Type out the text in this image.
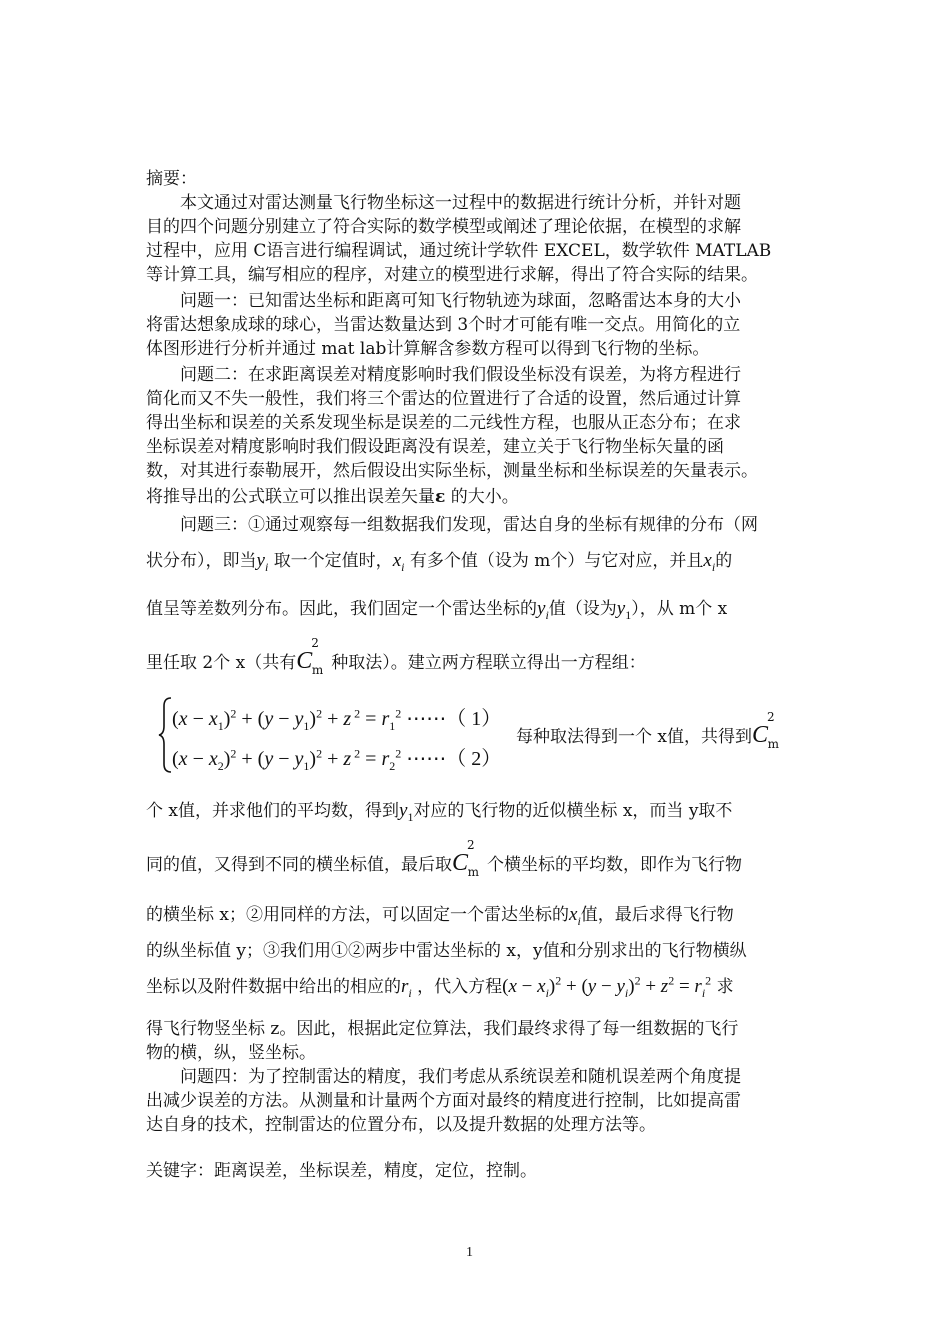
摘要：
本文通过对雷达测量飞行物坐标这一过程中的数据进行统计分析，并针对题
目的四个问题分别建立了符合实际的数学模型或阐述了理论依据，在模型的求解
过程中，应用 C语言进行编程调试，通过统计学软件 EXCEL，数学软件 MATLAB
等计算工具，编写相应的程序，对建立的模型进行求解，得出了符合实际的结果。
问题一：已知雷达坐标和距离可知飞行物轨迹为球面，忽略雷达本身的大小
将雷达想象成球的球心，当雷达数量达到 3个时才可能有唯一交点。用简化的立
体图形进行分析并通过 mat lab计算解含参数方程可以得到飞行物的坐标。
问题二：在求距离误差对精度影响时我们假设坐标没有误差，为将方程进行
简化而又不失一般性，我们将三个雷达的位置进行了合适的设置，然后通过计算
得出坐标和误差的关系发现坐标是误差的二元线性方程，也服从正态分布；在求
坐标误差对精度影响时我们假设距离没有误差，建立关于飞行物坐标矢量的函
数，对其进行泰勒展开，然后假设出实际坐标，测量坐标和坐标误差的矢量表示。
将推导出的公式联立可以推出误差矢量ε 的大小。
问题三：①通过观察每一组数据我们发现，雷达自身的坐标有规律的分布（网
状分布），即当$y_i$ 取一个定值时，$x_i$ 有多个值（设为 m个）与它对应，并且$x_i$的
值呈等差数列分布。因此，我们固定一个雷达坐标的$y_i$值（设为$y_1$），从 m个 x
里任取 2个 x（共有$C^2_m$ 种取法）。建立两方程联立得出一方程组：
$(x - x_1)^2 + (y - y_1)^2 + z$ $^2 = r_1^2$ ⋯⋯（ 1）
$(x - x_2)^2 + (y - y_1)^2 + z$ $^2 = r_2^2$ ⋯⋯（ 2）
每种取法得到一个 x值，共得到$C^2_m$
个 x值，并求他们的平均数，得到$y_1$对应的飞行物的近似横坐标 x，而当 y取不
同的值，又得到不同的横坐标值，最后取$C^2_m$ 个横坐标的平均数，即作为飞行物
的横坐标 x；②用同样的方法，可以固定一个雷达坐标的$x_i$值，最后求得飞行物
的纵坐标值 y；③我们用①②两步中雷达坐标的 x，y值和分别求出的飞行物横纵
坐标以及附件数据中给出的相应的$r_i$ ，代入方程$(x - x_i)^2 + (y - y_i)^2 + z^2 = r_i^2$ 求
得飞行物竖坐标 z。因此，根据此定位算法，我们最终求得了每一组数据的飞行
物的横，纵，竖坐标。
问题四：为了控制雷达的精度，我们考虑从系统误差和随机误差两个角度提
出减少误差的方法。从测量和计量两个方面对最终的精度进行控制，比如提高雷
达自身的技术，控制雷达的位置分布，以及提升数据的处理方法等。
关键字：距离误差，坐标误差，精度，定位，控制。
1
